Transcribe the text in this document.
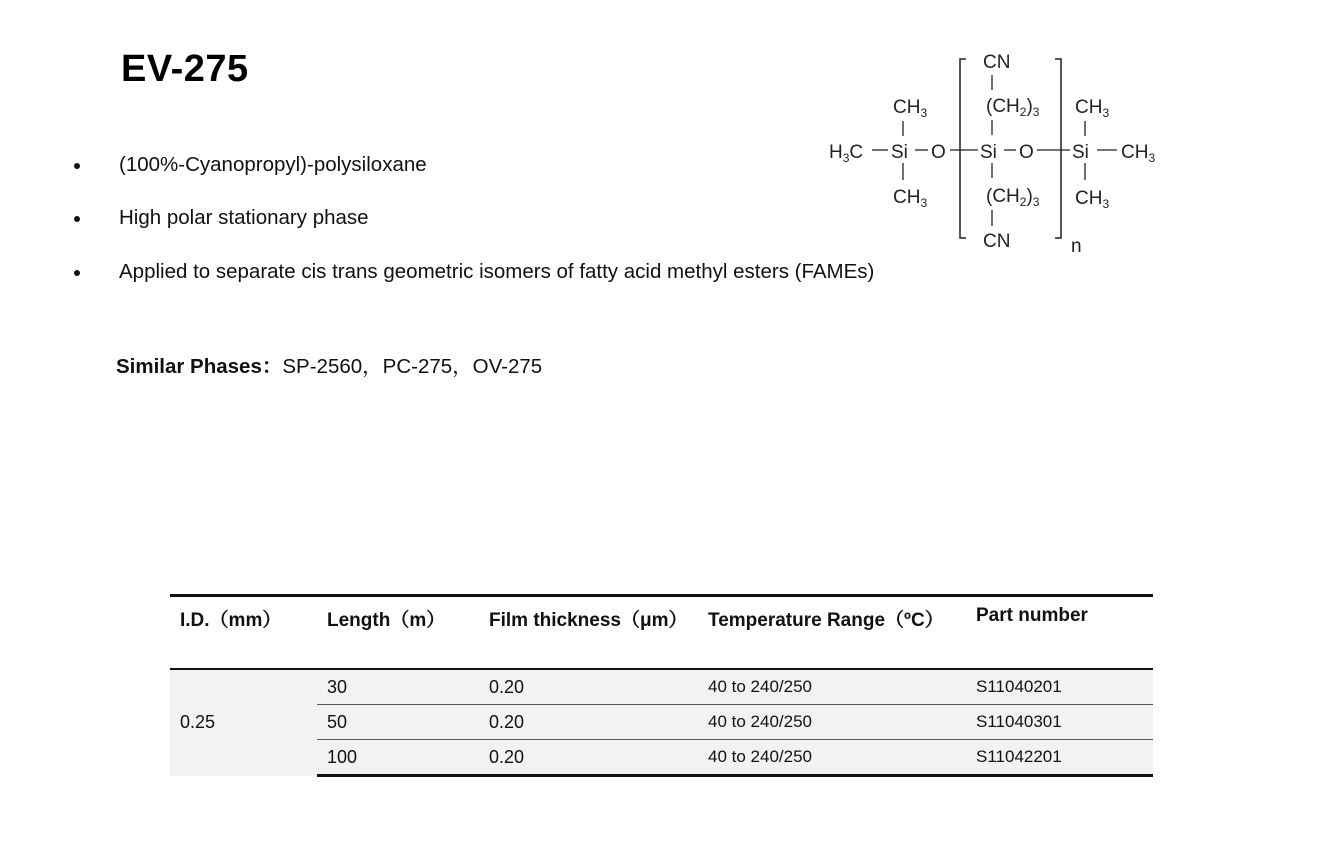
EV-275
(100%-Cyanopropyl)-polysiloxane
High polar stationary phase
Applied to separate cis trans geometric isomers of fatty acid methyl esters (FAMEs)
Similar Phases：SP-2560，PC-275，OV-275
$CH_3$
$H_3C$ Si O
$CH_3$
CN
$(CH_2)_3$
Si O
$(CH_2)_3$
CN
Si
$CH_3$
$CH_3$
$CH_3$
n
I.D.（mm）	Length（m）	Film thickness（μm）	Temperature Range（ºC）	Part number
0.25	30	0.20	40 to 240/250	S11040201
	50	0.20	40 to 240/250	S11040301
	100	0.20	40 to 240/250	S11042201
